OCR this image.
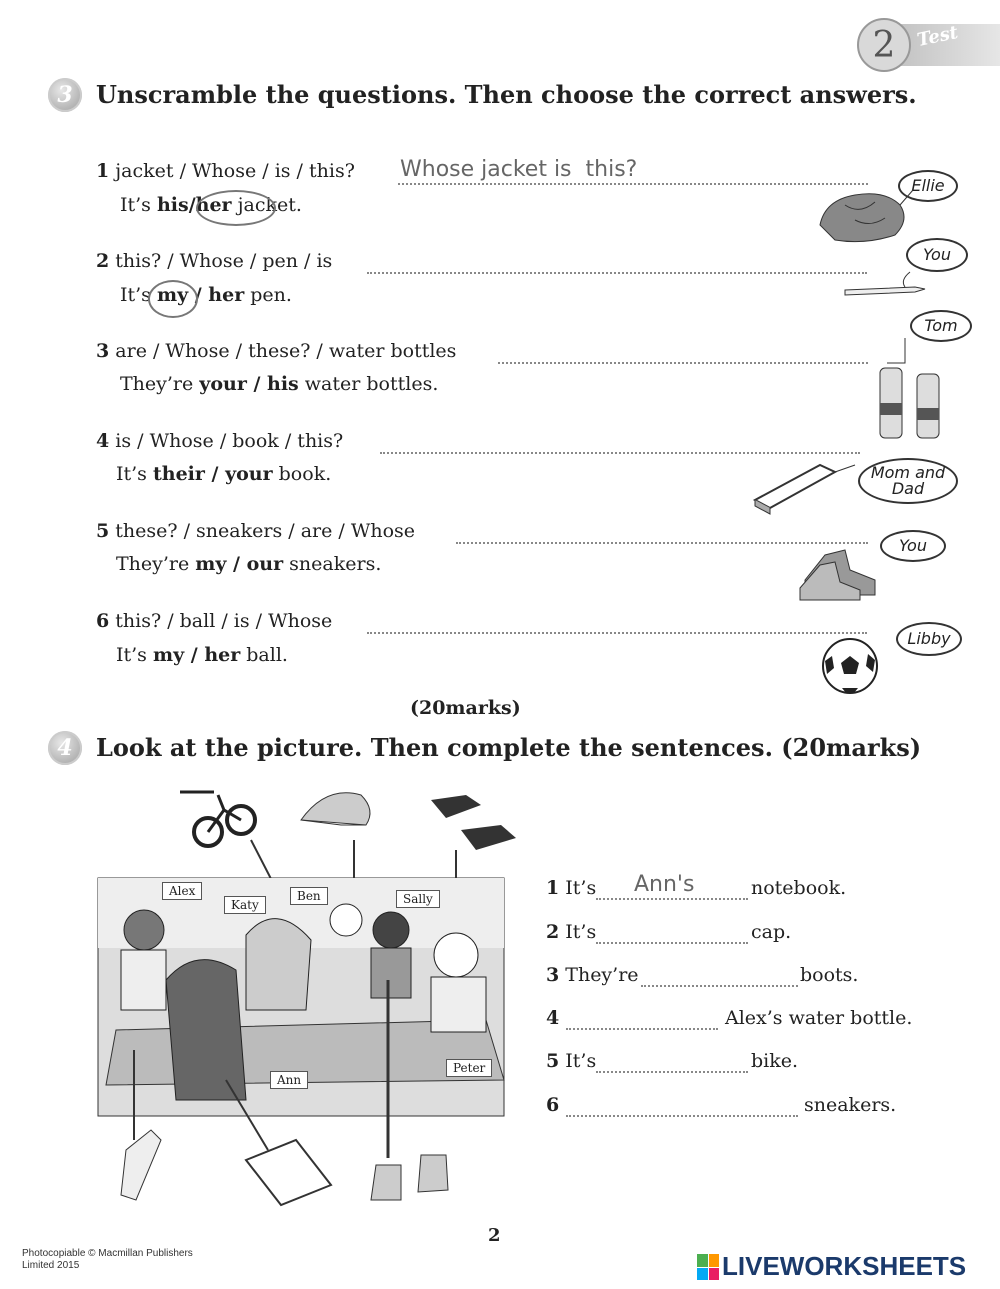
2	Test
3 Unscramble the questions. Then choose the correct answers.
1 jacket / Whose / is / this?
Whose jacket is this?
It’s his/her jacket.
2 this? / Whose / pen / is
It’s my / her pen.
3 are / Whose / these? / water bottles
They’re your / his water bottles.
4 is / Whose / book / this?
It’s their / your book.
5 these? / sneakers / are / Whose
They’re my / our sneakers.
6 this? / ball / is / Whose
It’s my / her ball.
Ellie
You
Tom
Mom and Dad
You
Libby
(20marks)
4 Look at the picture. Then complete the sentences. (20marks)
Alex
Katy
Ben	Sally
Ann
Peter
1 It’s
Ann's	notebook.
2 It’s	cap.
3 They’re	boots.
4	Alex’s water bottle.
5 It’s	bike.
6	sneakers.
2
Photocopiable © Macmillan Publishers
Limited 2015	LIVEWORKSHEETS
